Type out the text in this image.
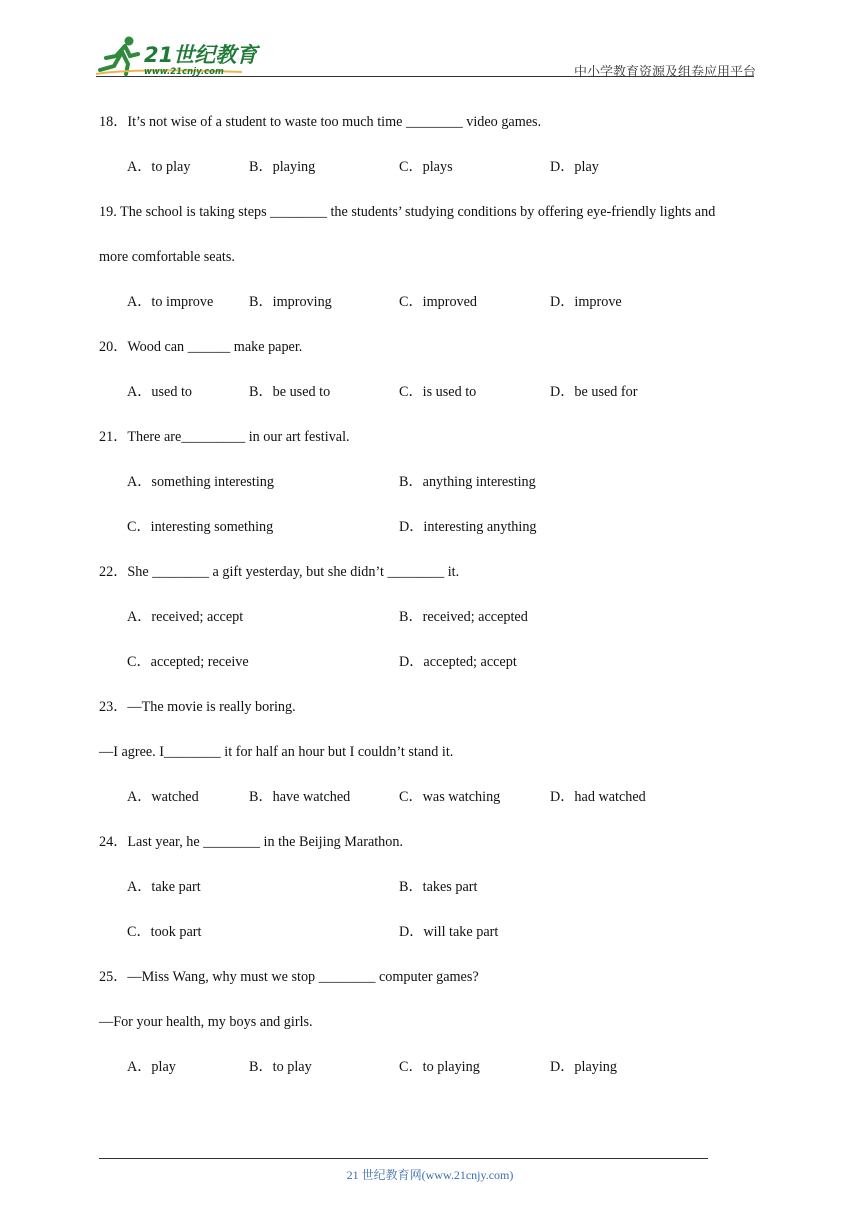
21世纪教育
www.21cnjy.com	中小学教育资源及组卷应用平台
18．It’s not wise of a student to waste too much time ________ video games.
A．to play	B．playing	C．plays	D．play
19. The school is taking steps ________ the students’ studying conditions by offering eye-friendly lights and
more comfortable seats.
A．to improve	B．improving	C．improved	D．improve
20．Wood can ______ make paper.
A．used to	B．be used to	C．is used to	D．be used for
21．There are_________ in our art festival.
A．something interesting	B．anything interesting
C．interesting something	D．interesting anything
22．She ________ a gift yesterday, but she didn’t ________ it.
A．received; accept	B．received; accepted
C．accepted; receive	D．accepted; accept
23．—The movie is really boring.
—I agree. I________ it for half an hour but I couldn’t stand it.
A．watched	B．have watched	C．was watching	D．had watched
24．Last year, he ________ in the Beijing Marathon.
A．take part	B．takes part
C．took part	D．will take part
25．—Miss Wang, why must we stop ________ computer games?
—For your health, my boys and girls.
A．play	B．to play	C．to playing	D．playing
21 世纪教育网(www.21cnjy.com)
